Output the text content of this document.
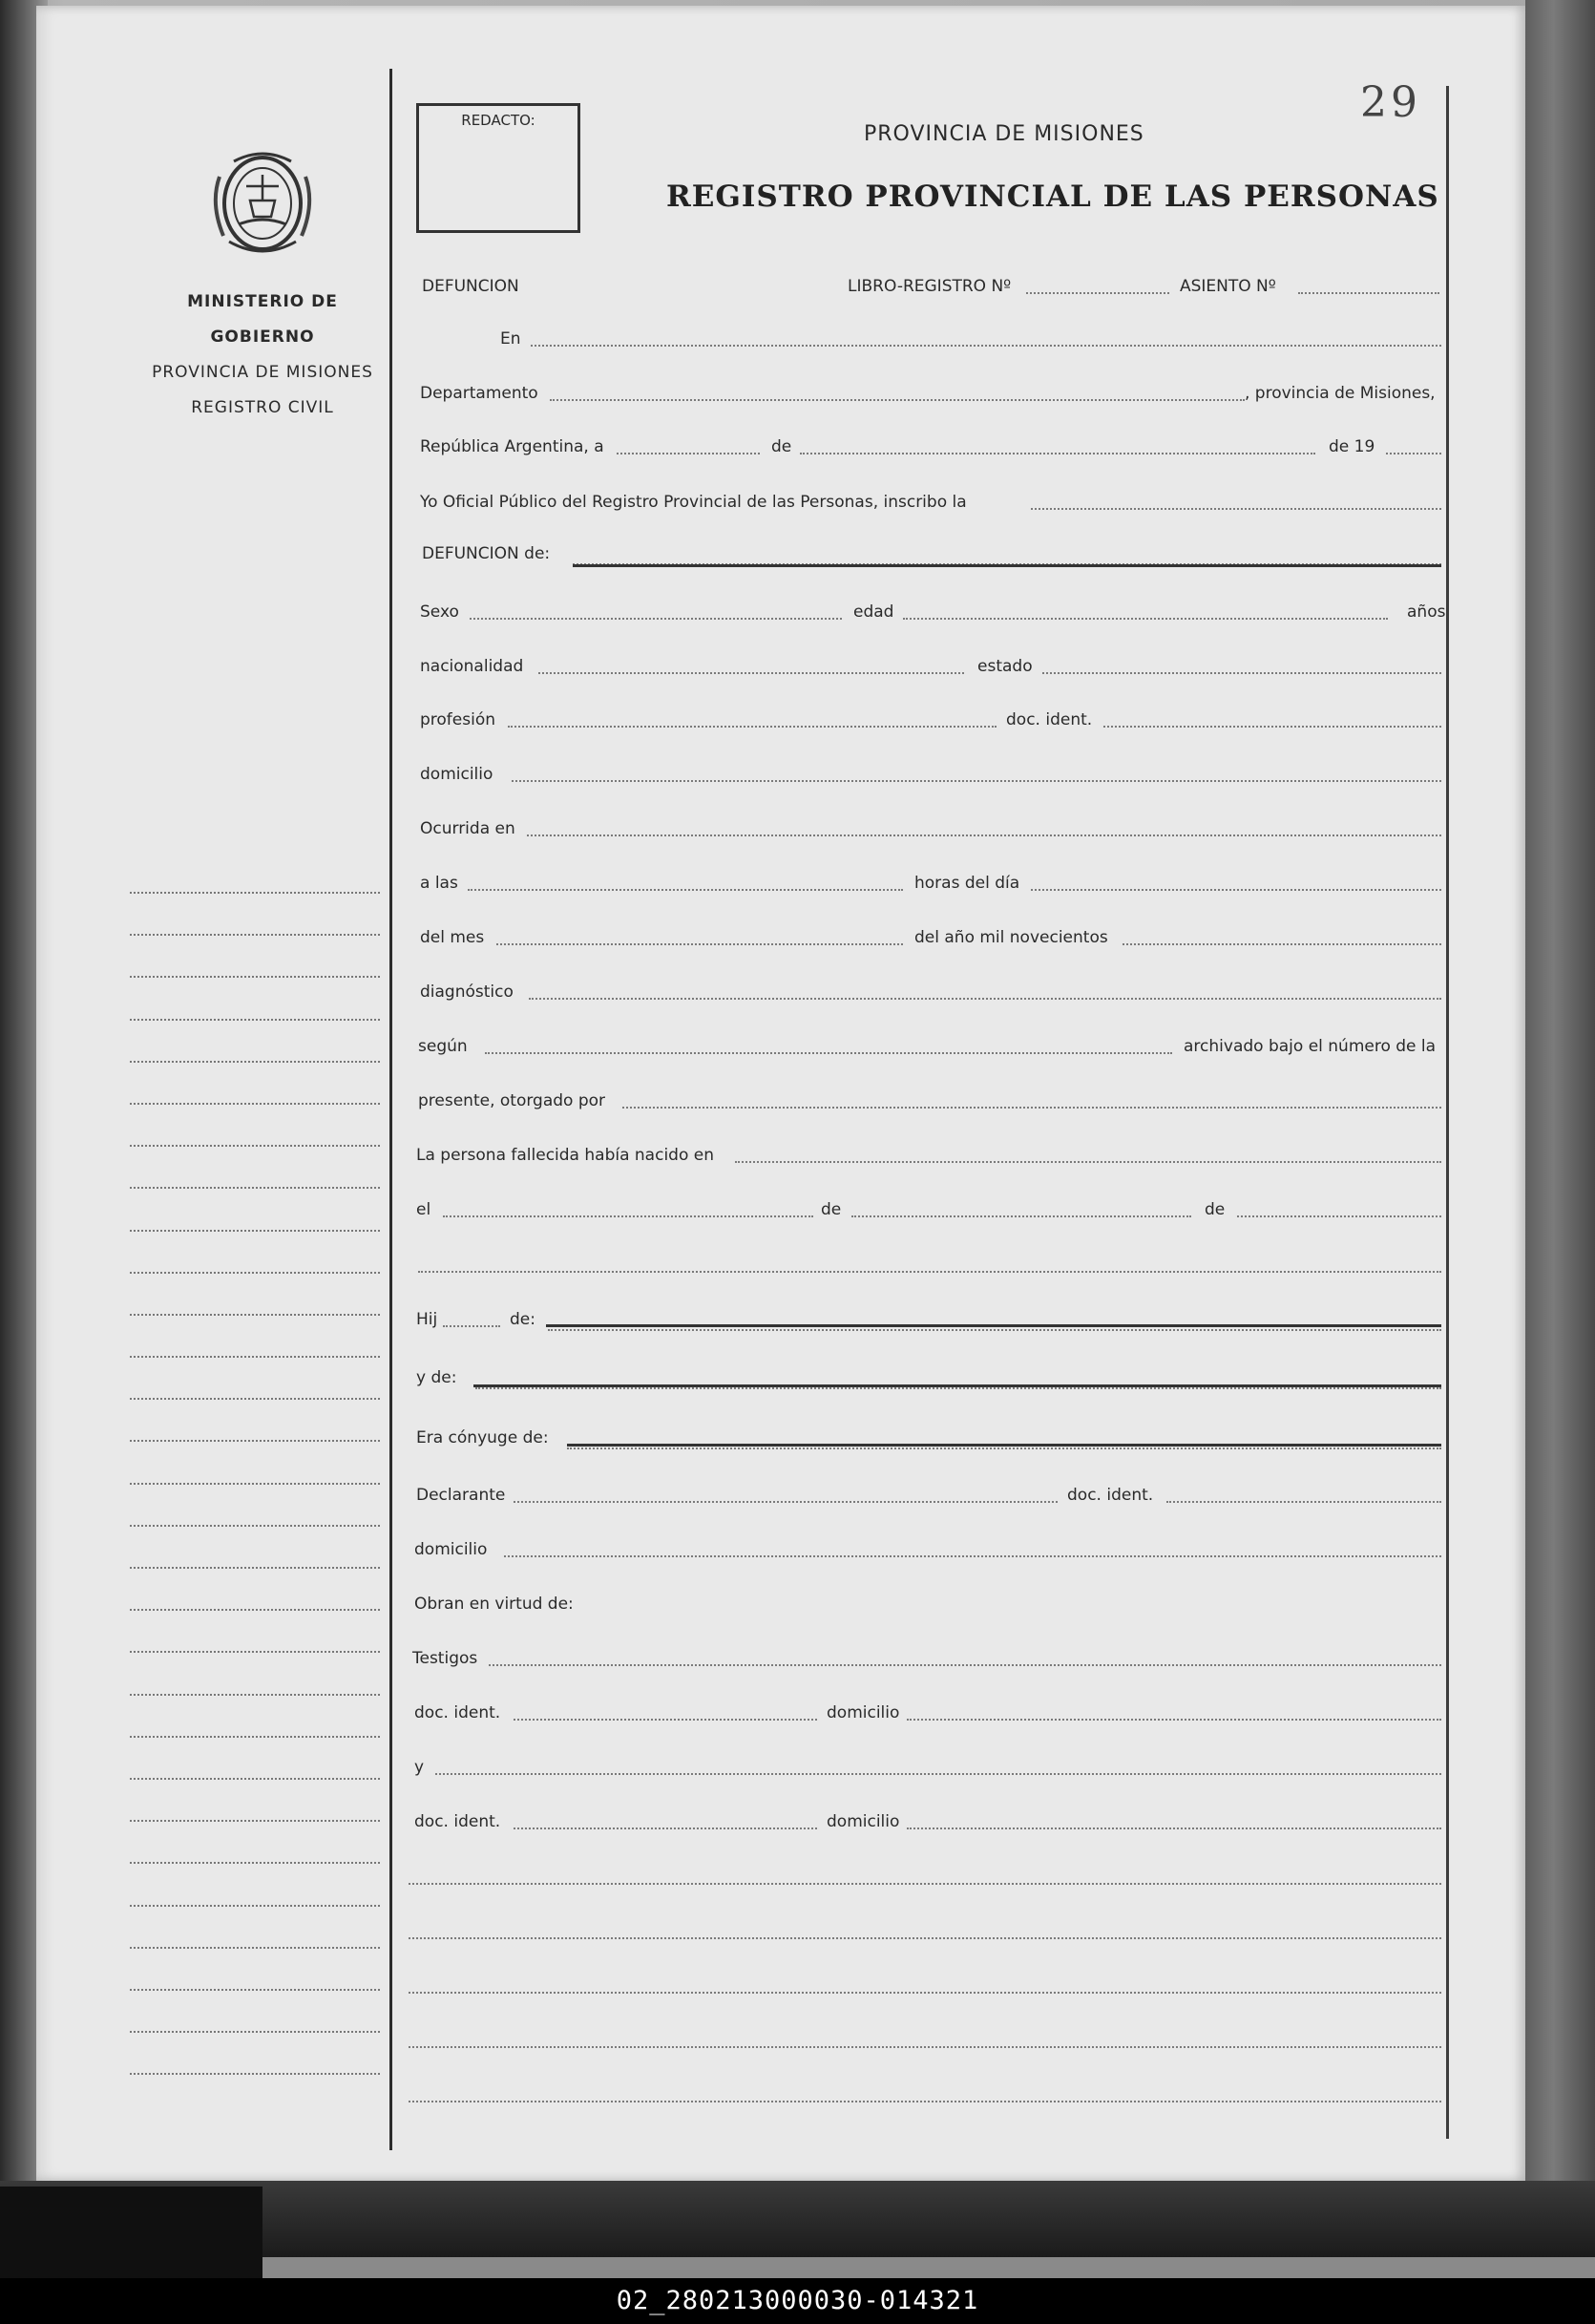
MINISTERIO DE GOBIERNO
PROVINCIA DE MISIONES
REGISTRO CIVIL
REDACTO:	29
PROVINCIA DE MISIONES
REGISTRO PROVINCIAL DE LAS PERSONAS
DEFUNCION	LIBRO-REGISTRO Nº	ASIENTO Nº
En
Departamento	, provincia de Misiones,
República Argentina, a	de	de 19
Yo Oficial Público del Registro Provincial de las Personas, inscribo la
DEFUNCION de:
Sexo	edad	años
nacionalidad	estado
profesión	doc. ident.
domicilio
Ocurrida en
a las	horas del día
del mes	del año mil novecientos
diagnóstico
según	archivado bajo el número de la
presente, otorgado por
La persona fallecida había nacido en
el	de	de
Hij	de:
y de:
Era cónyuge de:
Declarante	doc. ident.
domicilio
Obran en virtud de:
Testigos
doc. ident.	domicilio
y
doc. ident.	domicilio
02_280213000030-014321
